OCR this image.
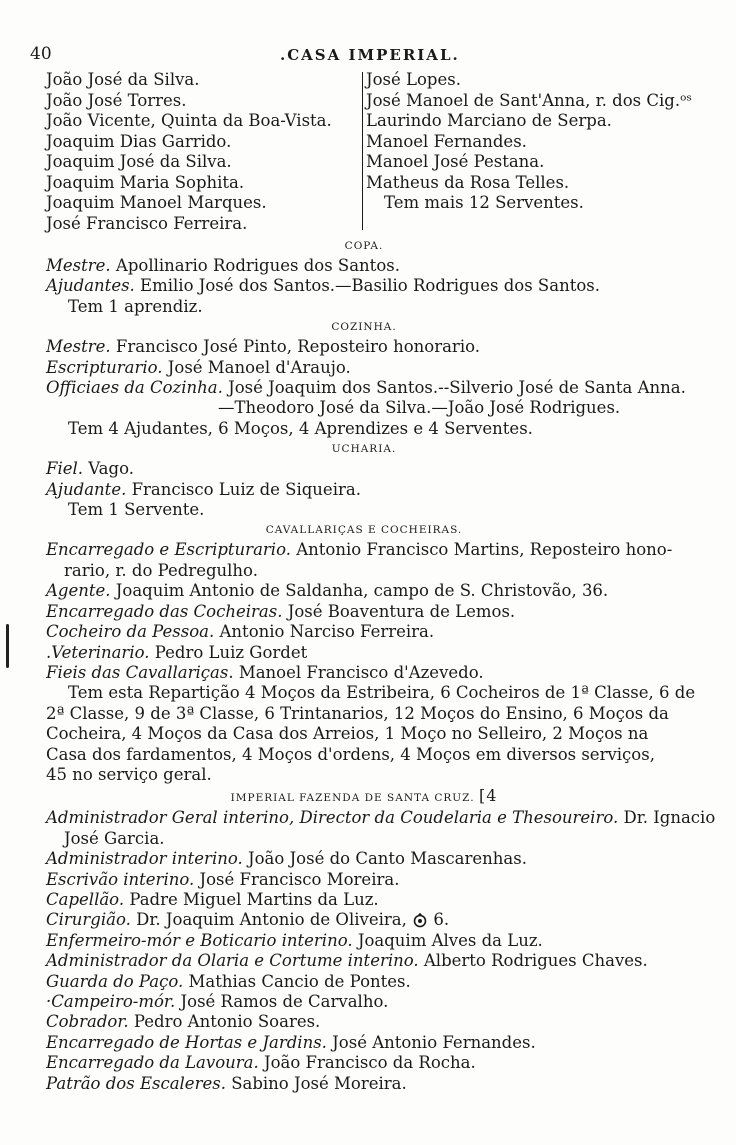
40	.CASA IMPERIAL.
João José da Silva.
João José Torres.
João Vicente, Quinta da Boa-Vista.
Joaquim Dias Garrido.
Joaquim José da Silva.
Joaquim Maria Sophita.
Joaquim Manoel Marques.
José Francisco Ferreira.
José Lopes.
José Manoel de Sant'Anna, r. dos Cig.ᵒˢ
Laurindo Marciano de Serpa.
Manoel Fernandes.
Manoel José Pestana.
Matheus da Rosa Telles.
Tem mais 12 Serventes.
COPA.
Mestre. Apollinario Rodrigues dos Santos.
Ajudantes. Emilio José dos Santos.—Basilio Rodrigues dos Santos.
Tem 1 aprendiz.
COZINHA.
Mestre. Francisco José Pinto, Reposteiro honorario.
Escripturario. José Manoel d'Araujo.
Officiaes da Cozinha. José Joaquim dos Santos.--Silverio José de Santa Anna.
—Theodoro José da Silva.—João José Rodrigues.
Tem 4 Ajudantes, 6 Moços, 4 Aprendizes e 4 Serventes.
UCHARIA.
Fiel. Vago.
Ajudante. Francisco Luiz de Siqueira.
Tem 1 Servente.
CAVALLARIÇAS E COCHEIRAS.
Encarregado e Escripturario. Antonio Francisco Martins, Reposteiro hono-
rario, r. do Pedregulho.
Agente. Joaquim Antonio de Saldanha, campo de S. Christovão, 36.
Encarregado das Cocheiras. José Boaventura de Lemos.
Cocheiro da Pessoa. Antonio Narciso Ferreira.
.Veterinario. Pedro Luiz Gordet
Fieis das Cavallariças. Manoel Francisco d'Azevedo.
Tem esta Repartição 4 Moços da Estribeira, 6 Cocheiros de 1ª Classe, 6 de
2ª Classe, 9 de 3ª Classe, 6 Trintanarios, 12 Moços do Ensino, 6 Moços da
Cocheira, 4 Moços da Casa dos Arreios, 1 Moço no Selleiro, 2 Moços na
Casa dos fardamentos, 4 Moços d'ordens, 4 Moços em diversos serviços,
45 no serviço geral.
IMPERIAL FAZENDA DE SANTA CRUZ. [4
Administrador Geral interino, Director da Coudelaria e Thesoureiro. Dr. Ignacio
José Garcia.
Administrador interino. João José do Canto Mascarenhas.
Escrivão interino. José Francisco Moreira.
Capellão. Padre Miguel Martins da Luz.
Cirurgião. Dr. Joaquim Antonio de Oliveira, 6.
Enfermeiro-mór e Boticario interino. Joaquim Alves da Luz.
Administrador da Olaria e Cortume interino. Alberto Rodrigues Chaves.
Guarda do Paço. Mathias Cancio de Pontes.
·Campeiro-mór. José Ramos de Carvalho.
Cobrador. Pedro Antonio Soares.
Encarregado de Hortas e Jardins. José Antonio Fernandes.
Encarregado da Lavoura. João Francisco da Rocha.
Patrão dos Escaleres. Sabino José Moreira.
